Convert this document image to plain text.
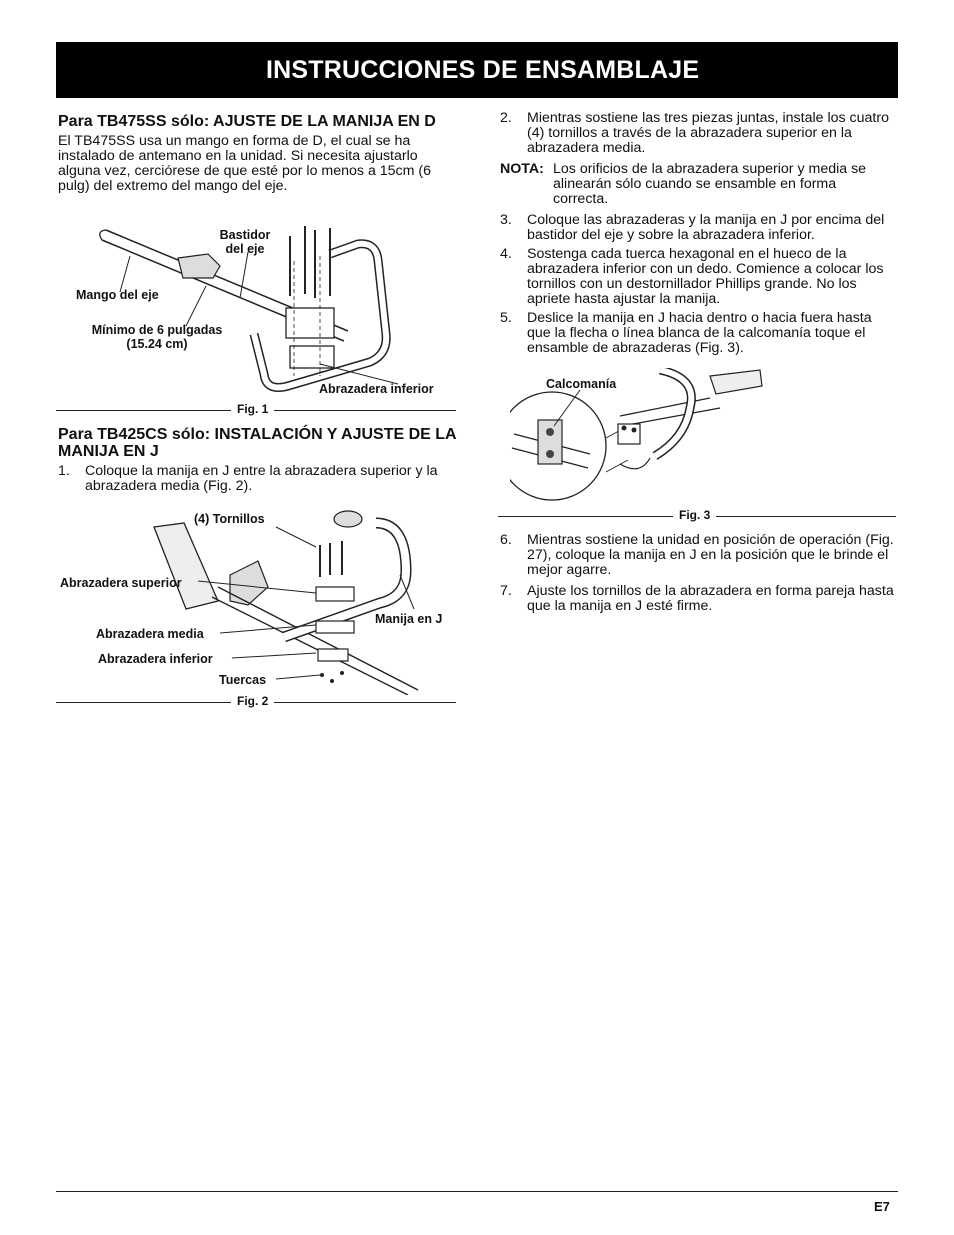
INSTRUCCIONES DE ENSAMBLAJE
Para TB475SS sólo: AJUSTE DE LA MANIJA EN D

El TB475SS usa un mango en forma de D, el cual se ha instalado de antemano en la unidad. Si necesita ajustarlo alguna vez, cerciórese de que esté por lo menos a 15cm (6 pulg) del extremo del mango del eje.

Bastidor del eje
Mango del eje
Mínimo de 6 pulgadas (15.24 cm)
Abrazadera inferior
Fig. 1
Para TB425CS sólo: INSTALACIÓN Y AJUSTE DE LA MANIJA EN J
1.	Coloque la manija en J entre la abrazadera superior y la abrazadera media (Fig. 2).
(4) Tornillos
Abrazadera superior
Manija en J
Abrazadera media
Abrazadera inferior
Tuercas
Fig. 2
2.	Mientras sostiene las tres piezas juntas, instale los cuatro (4) tornillos a través de la abrazadera superior en la abrazadera media.
NOTA: Los orificios de la abrazadera superior y media se alinearán sólo cuando se ensamble en forma correcta.
3.	Coloque las abrazaderas y la manija en J por encima del bastidor del eje y sobre la abrazadera inferior.
4.	Sostenga cada tuerca hexagonal en el hueco de la abrazadera inferior con un dedo. Comience a colocar los tornillos con un destornillador Phillips grande. No los apriete hasta ajustar la manija.
5.	Deslice la manija en J hacia dentro o hacia fuera hasta que la flecha o línea blanca de la calcomanía toque el ensamble de abrazaderas (Fig. 3).
Calcomanía
Fig. 3
6.	Mientras sostiene la unidad en posición de operación (Fig. 27), coloque la manija en J en la posición que le brinde el mejor agarre.
7.	Ajuste los tornillos de la abrazadera en forma pareja hasta que la manija en J esté firme.
E7
